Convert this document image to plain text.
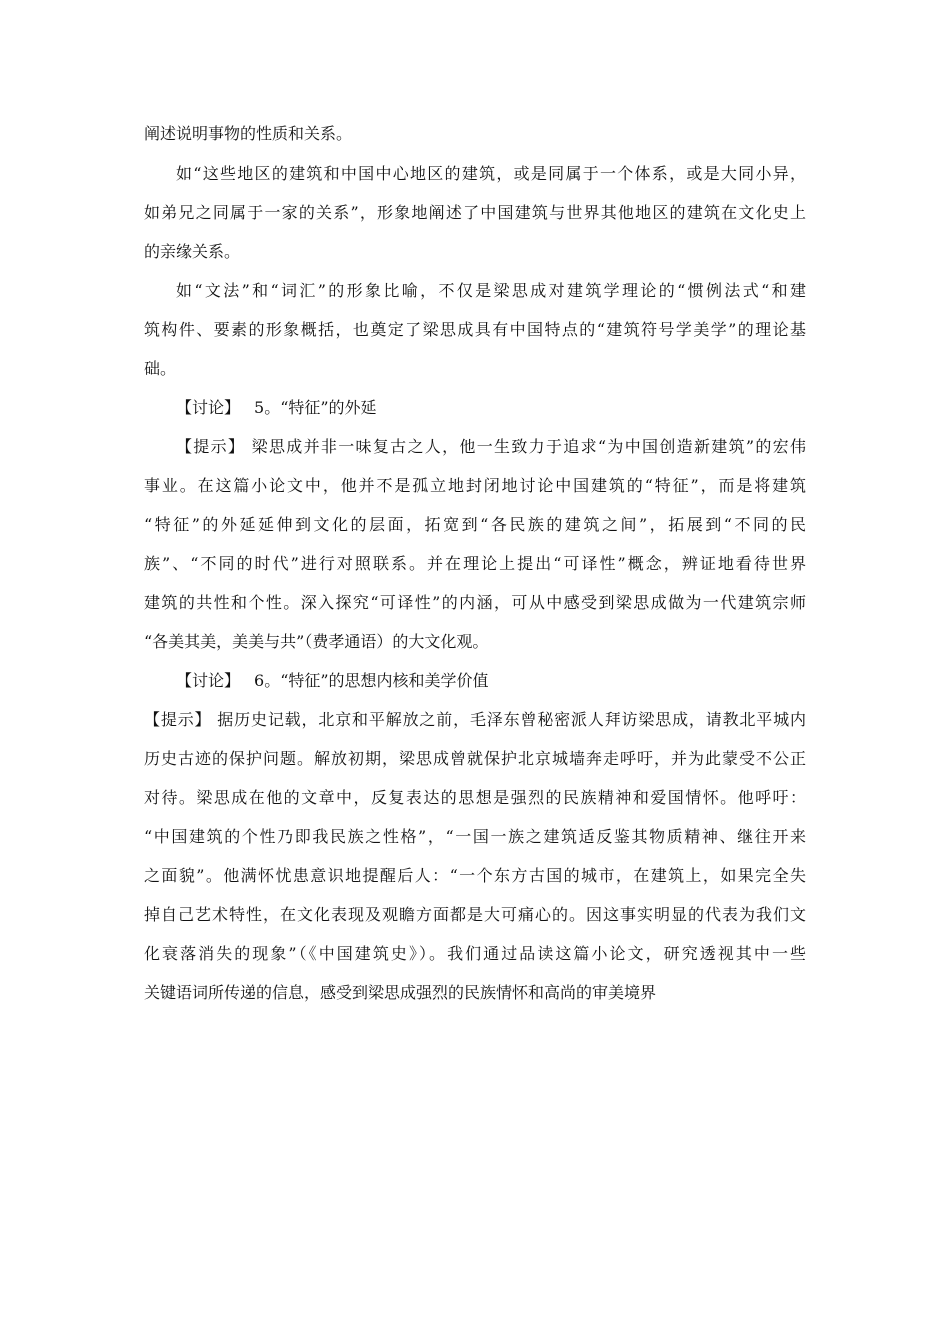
阐述说明事物的性质和关系。
如“这些地区的建筑和中国中心地区的建筑，或是同属于一个体系，或是大同小异，
如弟兄之同属于一家的关系”，形象地阐述了中国建筑与世界其他地区的建筑在文化史上
的亲缘关系。
如“文法”和“词汇”的形象比喻，不仅是梁思成对建筑学理论的“惯例法式“和建
筑构件、要素的形象概括，也奠定了梁思成具有中国特点的“建筑符号学美学”的理论基
础。
【讨论】 5。“特征”的外延
【提示】 梁思成并非一味复古之人，他一生致力于追求“为中国创造新建筑”的宏伟
事业。在这篇小论文中，他并不是孤立地封闭地讨论中国建筑的“特征”，而是将建筑
“特征”的外延延伸到文化的层面，拓宽到“各民族的建筑之间”，拓展到“不同的民
族”、“不同的时代”进行对照联系。并在理论上提出“可译性”概念，辨证地看待世界
建筑的共性和个性。深入探究“可译性”的内涵，可从中感受到梁思成做为一代建筑宗师
“各美其美，美美与共”（费孝通语）的大文化观。
【讨论】 6。“特征”的思想内核和美学价值
【提示】 据历史记载，北京和平解放之前，毛泽东曾秘密派人拜访梁思成，请教北平城内
历史古迹的保护问题。解放初期，梁思成曾就保护北京城墙奔走呼吁，并为此蒙受不公正
对待。梁思成在他的文章中，反复表达的思想是强烈的民族精神和爱国情怀。他呼吁：
“中国建筑的个性乃即我民族之性格”，“一国一族之建筑适反鉴其物质精神、继往开来
之面貌”。他满怀忧患意识地提醒后人：“一个东方古国的城市，在建筑上，如果完全失
掉自己艺术特性，在文化表现及观瞻方面都是大可痛心的。因这事实明显的代表为我们文
化衰落消失的现象”（《中国建筑史》）。我们通过品读这篇小论文，研究透视其中一些
关键语词所传递的信息，感受到梁思成强烈的民族情怀和高尚的审美境界
